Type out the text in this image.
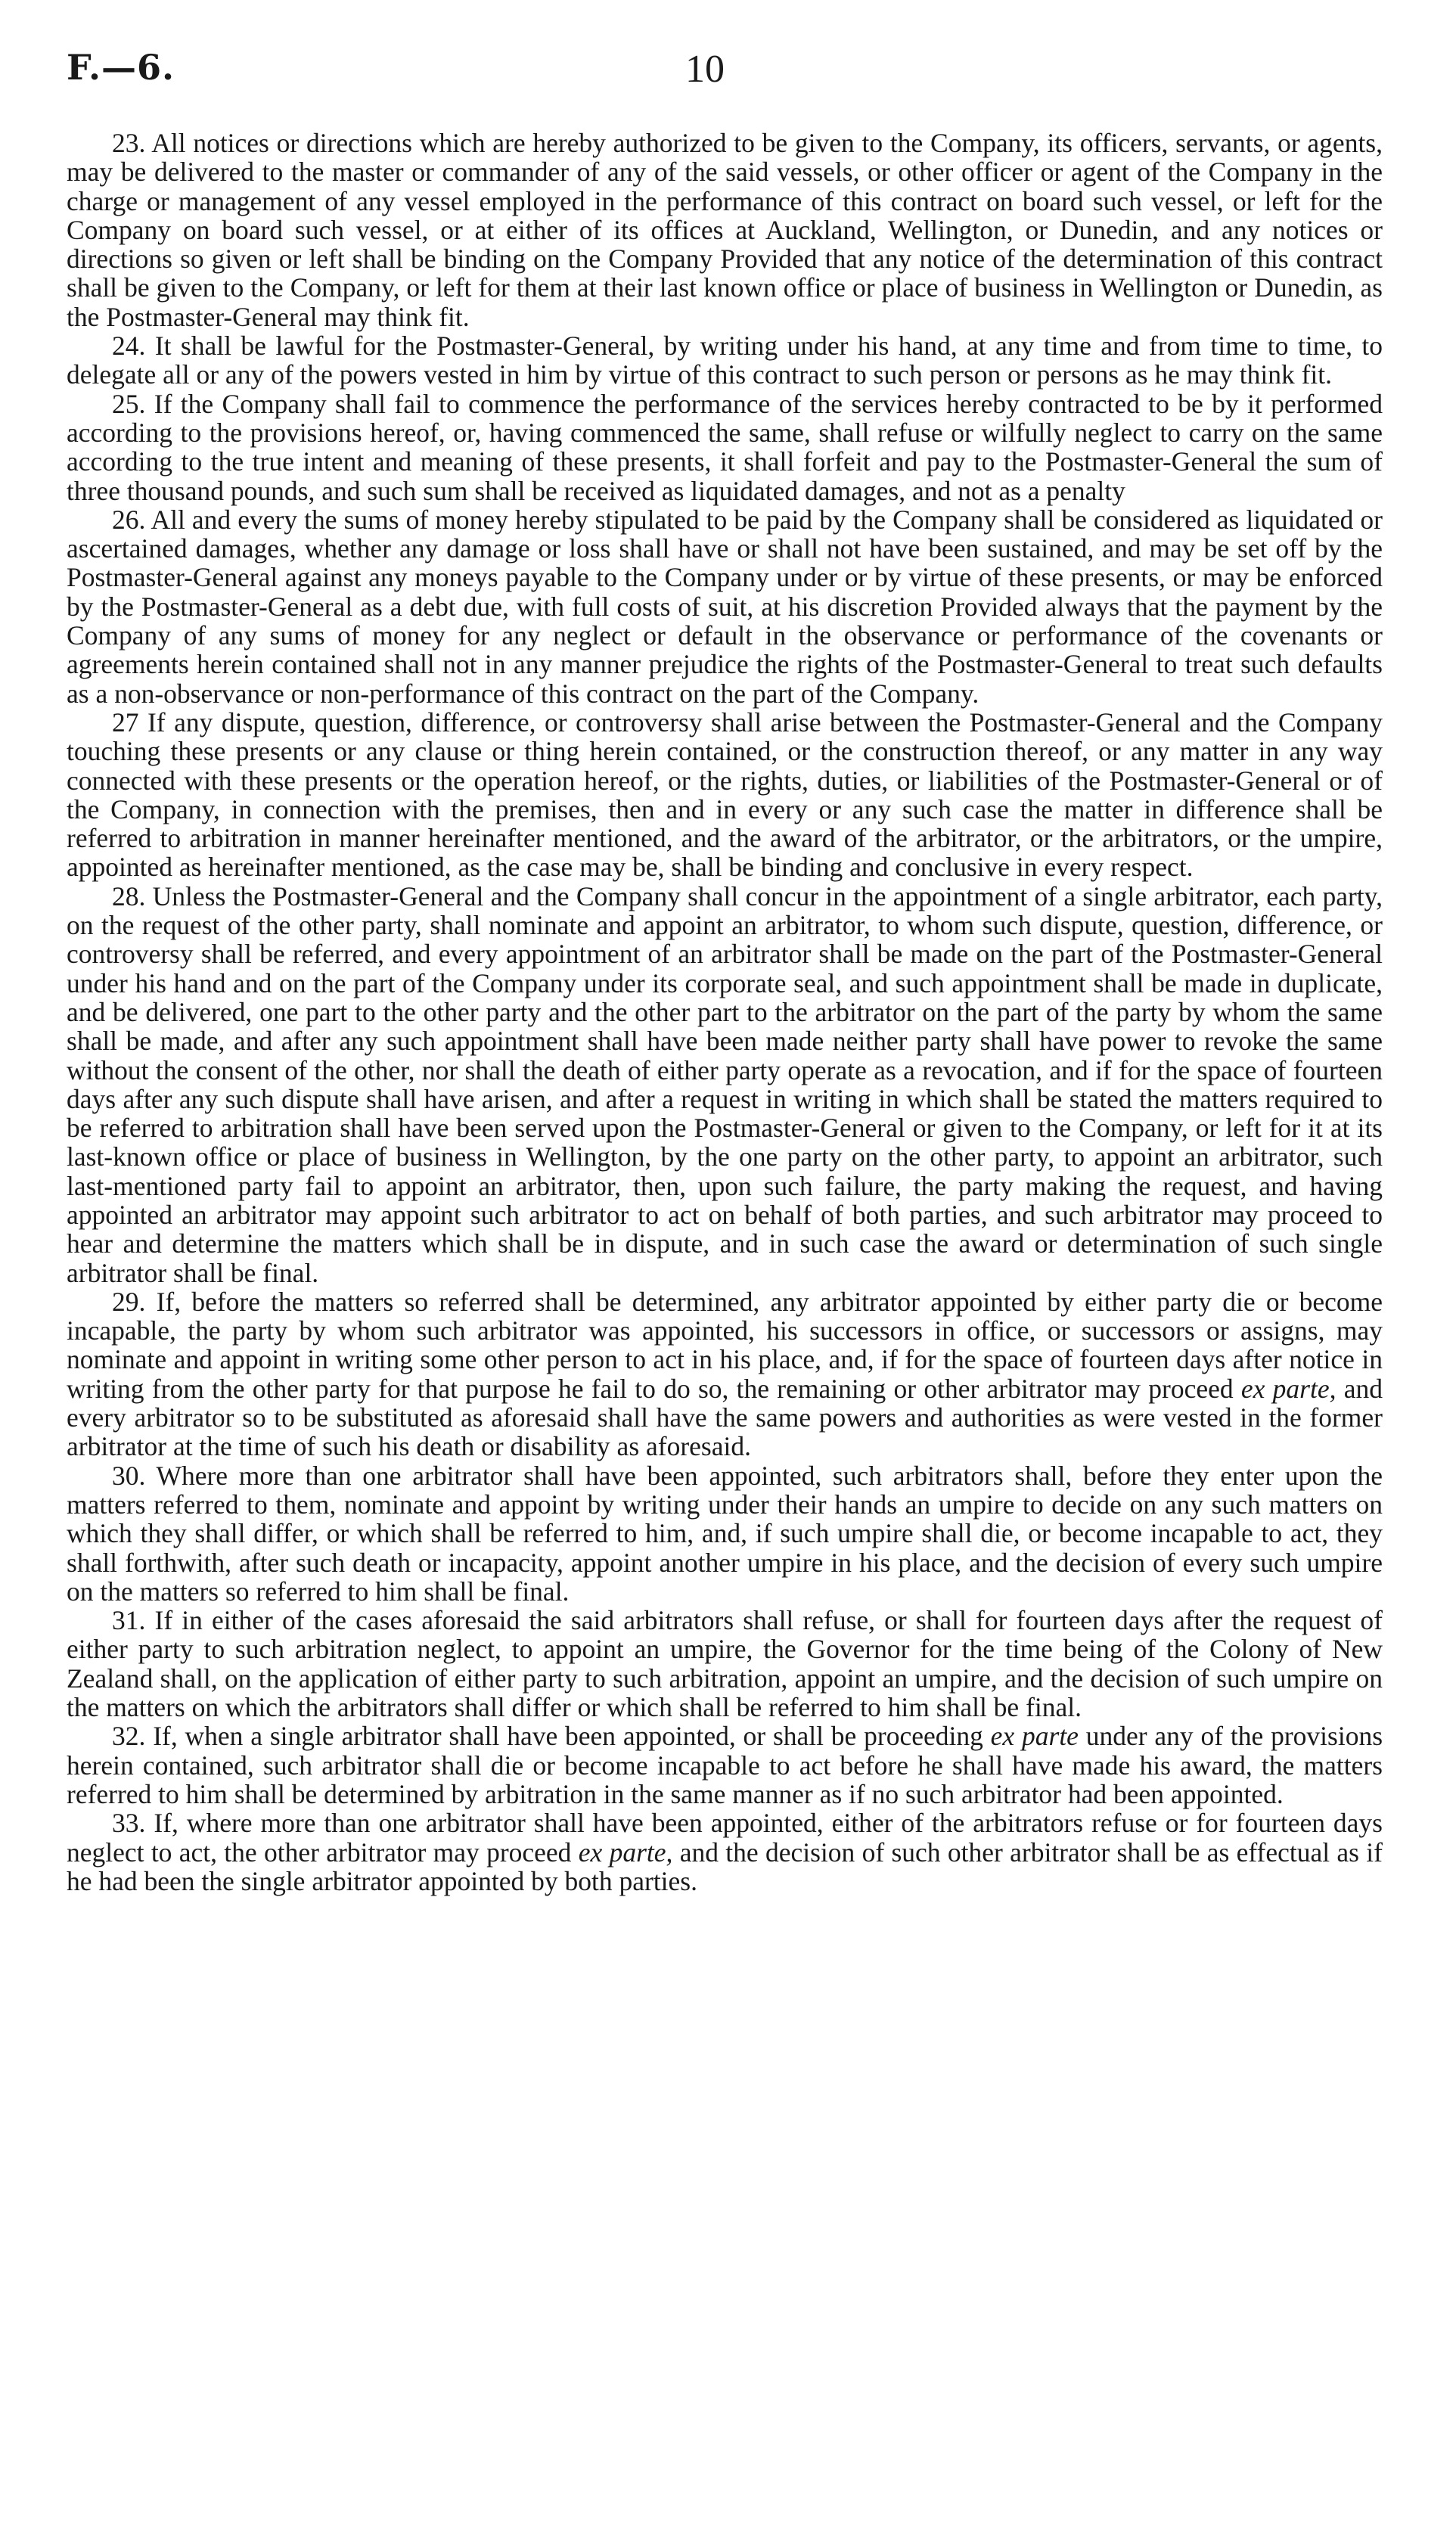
F.—6.	10

23. All notices or directions which are hereby authorized to be given to the Company, its officers, servants, or agents, may be delivered to the master or commander of any of the said vessels, or other officer or agent of the Company in the charge or management of any vessel employed in the performance of this contract on board such vessel, or left for the Company on board such vessel, or at either of its offices at Auckland, Wellington, or Dunedin, and any notices or directions so given or left shall be binding on the Company Provided that any notice of the determination of this contract shall be given to the Company, or left for them at their last known office or place of business in Wellington or Dunedin, as the Postmaster-General may think fit.

24. It shall be lawful for the Postmaster-General, by writing under his hand, at any time and from time to time, to delegate all or any of the powers vested in him by virtue of this contract to such person or persons as he may think fit.

25. If the Company shall fail to commence the performance of the services hereby contracted to be by it performed according to the provisions hereof, or, having commenced the same, shall refuse or wilfully neglect to carry on the same according to the true intent and meaning of these presents, it shall forfeit and pay to the Postmaster-General the sum of three thousand pounds, and such sum shall be received as liquidated damages, and not as a penalty

26. All and every the sums of money hereby stipulated to be paid by the Company shall be considered as liquidated or ascertained damages, whether any damage or loss shall have or shall not have been sustained, and may be set off by the Postmaster-General against any moneys payable to the Company under or by virtue of these presents, or may be enforced by the Postmaster-General as a debt due, with full costs of suit, at his discretion Provided always that the payment by the Company of any sums of money for any neglect or default in the observance or performance of the covenants or agreements herein contained shall not in any manner prejudice the rights of the Postmaster-General to treat such defaults as a non-observance or non-performance of this contract on the part of the Company.

27 If any dispute, question, difference, or controversy shall arise between the Postmaster-General and the Company touching these presents or any clause or thing herein contained, or the construction thereof, or any matter in any way connected with these presents or the operation hereof, or the rights, duties, or liabilities of the Postmaster-General or of the Company, in connection with the premises, then and in every or any such case the matter in difference shall be referred to arbitration in manner hereinafter mentioned, and the award of the arbitrator, or the arbitrators, or the umpire, appointed as hereinafter mentioned, as the case may be, shall be binding and conclusive in every respect.

28. Unless the Postmaster-General and the Company shall concur in the appointment of a single arbitrator, each party, on the request of the other party, shall nominate and appoint an arbitrator, to whom such dispute, question, difference, or controversy shall be referred, and every appointment of an arbitrator shall be made on the part of the Postmaster-General under his hand and on the part of the Company under its corporate seal, and such appointment shall be made in duplicate, and be delivered, one part to the other party and the other part to the arbitrator on the part of the party by whom the same shall be made, and after any such appointment shall have been made neither party shall have power to revoke the same without the consent of the other, nor shall the death of either party operate as a revocation, and if for the space of fourteen days after any such dispute shall have arisen, and after a request in writing in which shall be stated the matters required to be referred to arbitration shall have been served upon the Postmaster-General or given to the Company, or left for it at its last-known office or place of business in Wellington, by the one party on the other party, to appoint an arbitrator, such last-mentioned party fail to appoint an arbitrator, then, upon such failure, the party making the request, and having appointed an arbitrator may appoint such arbitrator to act on behalf of both parties, and such arbitrator may proceed to hear and determine the matters which shall be in dispute, and in such case the award or determination of such single arbitrator shall be final.

29. If, before the matters so referred shall be determined, any arbitrator appointed by either party die or become incapable, the party by whom such arbitrator was appointed, his successors in office, or successors or assigns, may nominate and appoint in writing some other person to act in his place, and, if for the space of fourteen days after notice in writing from the other party for that purpose he fail to do so, the remaining or other arbitrator may proceed ex parte, and every arbitrator so to be substituted as aforesaid shall have the same powers and authorities as were vested in the former arbitrator at the time of such his death or disability as aforesaid.

30. Where more than one arbitrator shall have been appointed, such arbitrators shall, before they enter upon the matters referred to them, nominate and appoint by writing under their hands an umpire to decide on any such matters on which they shall differ, or which shall be referred to him, and, if such umpire shall die, or become incapable to act, they shall forthwith, after such death or incapacity, appoint another umpire in his place, and the decision of every such umpire on the matters so referred to him shall be final.

31. If in either of the cases aforesaid the said arbitrators shall refuse, or shall for fourteen days after the request of either party to such arbitration neglect, to appoint an umpire, the Governor for the time being of the Colony of New Zealand shall, on the application of either party to such arbitration, appoint an umpire, and the decision of such umpire on the matters on which the arbitrators shall differ or which shall be referred to him shall be final.

32. If, when a single arbitrator shall have been appointed, or shall be proceeding ex parte under any of the provisions herein contained, such arbitrator shall die or become incapable to act before he shall have made his award, the matters referred to him shall be determined by arbitration in the same manner as if no such arbitrator had been appointed.

33. If, where more than one arbitrator shall have been appointed, either of the arbitrators refuse or for fourteen days neglect to act, the other arbitrator may proceed ex parte, and the decision of such other arbitrator shall be as effectual as if he had been the single arbitrator appointed by both parties.
